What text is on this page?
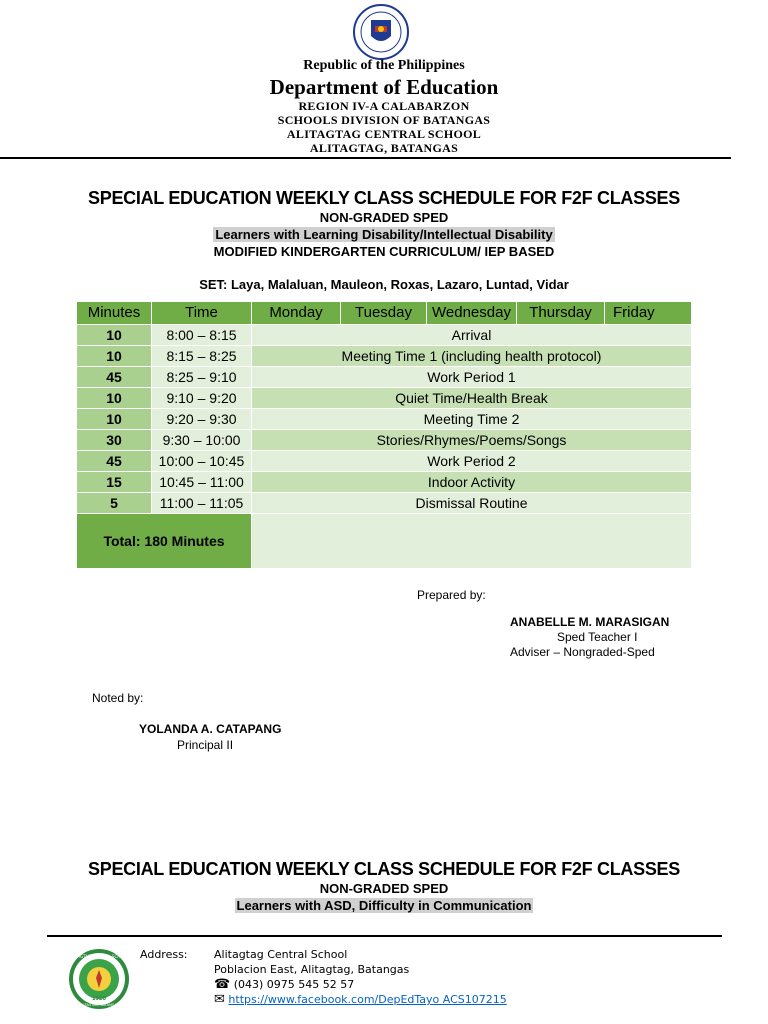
Republic of the Philippines
Department of Education
REGION IV-A CALABARZON
SCHOOLS DIVISION OF BATANGAS
ALITAGTAG CENTRAL SCHOOL
ALITAGTAG, BATANGAS
SPECIAL EDUCATION WEEKLY CLASS SCHEDULE FOR F2F CLASSES
NON-GRADED SPED
Learners with Learning Disability/Intellectual Disability
MODIFIED KINDERGARTEN CURRICULUM/ IEP BASED
SET: Laya, Malaluan, Mauleon, Roxas, Lazaro, Luntad, Vidar
Minutes	Time	Monday	Tuesday	Wednesday	Thursday	Friday
10	8:00 – 8:15	Arrival				
10	8:15 – 8:25	Meeting Time 1 (including health protocol)				
45	8:25 – 9:10	Work Period 1				
10	9:10 – 9:20	Quiet Time/Health Break				
10	9:20 – 9:30	Meeting Time 2				
30	9:30 – 10:00	Stories/Rhymes/Poems/Songs				
45	10:00 – 10:45	Work Period 2				
15	10:45 – 11:00	Indoor Activity				
5	11:00 – 11:05	Dismissal Routine				
Total: 180 Minutes						
Prepared by:
ANABELLE M. MARASIGAN
Sped Teacher I
Adviser – Nongraded-Sped
Noted by:
YOLANDA A. CATAPANG
Principal II
SPECIAL EDUCATION WEEKLY CLASS SCHEDULE FOR F2F CLASSES
NON-GRADED SPED
Learners with ASD, Difficulty in Communication
ALITAGTAG CENTRAL SCHOOL
1920
ALITAGTAG, BATANGAS
Address: Alitagtag Central School
Poblacion East, Alitagtag, Batangas
☎ (043) 0975 545 52 57
✉ https://www.facebook.com/DepEdTayo ACS107215
